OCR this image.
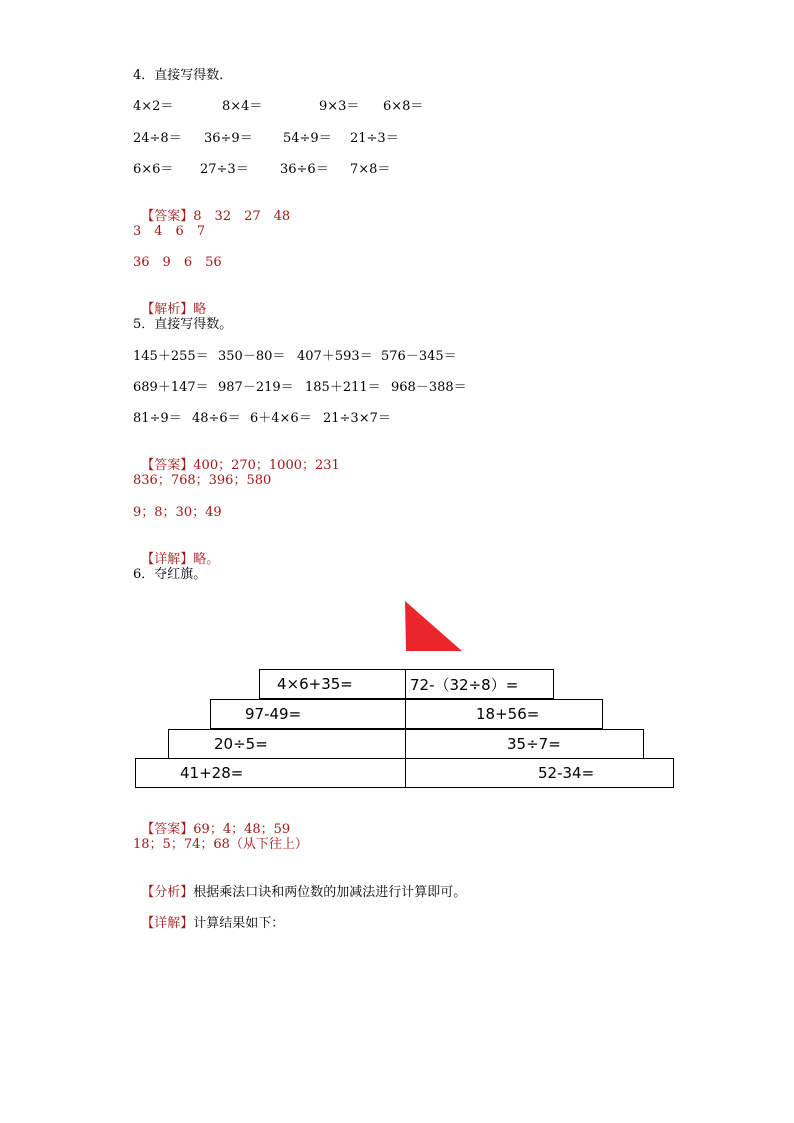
4．直接写得数．
4×2＝	8×4＝	9×3＝ 6×8＝
24÷8＝ 36÷9＝ 54÷9＝ 21÷3＝
6×6＝ 27÷3＝ 36÷6＝ 7×8＝

【答案】8　32　27　48

3　4　6　7
36　9　6　56

【解析】略

5．直接写得数。
145＋255＝ 350－80＝ 407＋593＝ 576－345＝
689＋147＝ 987－219＝ 185＋211＝ 968－388＝
81÷9＝ 48÷6＝ 6＋4×6＝ 21÷3×7＝

【答案】400；270；1000；231

836；768；396；580
9；8；30；49

【详解】略。

6．夺红旗。
4×6+35=	72-（32÷8）=
97-49=	18+56=
20÷5=	35÷7=
41+28=	52-34=

【答案】69；4；48；59

18；5；74；68（从下往上）

【分析】根据乘法口诀和两位数的加减法进行计算即可。

【详解】计算结果如下：
